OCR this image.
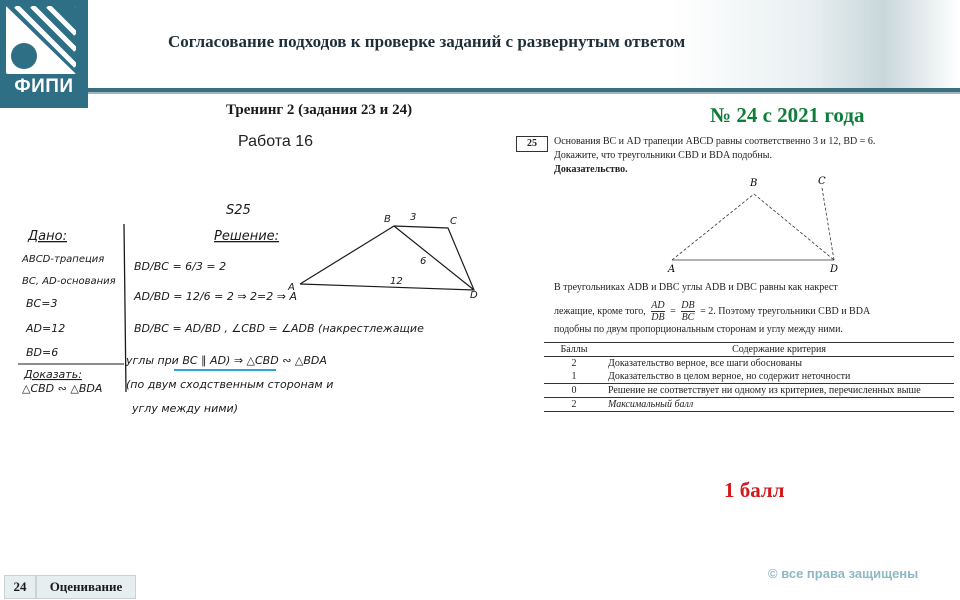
ФИПИ
Согласование подходов к проверке заданий с развернутым ответом
Тренинг 2 (задания 23 и 24)
Работа 16
S25
Решение:
Дано:
ABCD-трапеция
BC, AD-основания
BC=3
AD=12
BD=6
Доказать:
△CBD ∾ △BDA
BD/BC = 6/3 = 2
AD/BD = 12/6 = 2 ⇒ 2=2 ⇒ A
BD/BC = AD/BD , ∠CBD = ∠ADB (накрестлежащие
углы при BC ∥ AD) ⇒ △CBD ∾ △BDA
(по двум сходственным сторонам и
углу между ними)
B	C
A
D
3
6
12
№ 24 с 2021 года
25	Основания BC и AD трапеции ABCD равны соответственно 3 и 12, BD = 6.
Докажите, что треугольники CBD и BDA подобны.
Доказательство.
B	C
A	D
В треугольниках ADB и DBC углы ADB и DBC равны как накрест
лежащие, кроме того, $\frac{AD}{DB} = \frac{DB}{BC} = 2$. Поэтому треугольники CBD и BDA
подобны по двум пропорциональным сторонам и углу между ними.
Баллы	Содержание критерия
2	Доказательство верное, все шаги обоснованы
1	Доказательство в целом верное, но содержит неточности
0	Решение не соответствует ни одному из критериев, перечисленных выше
2	Максимальный балл
1 балл
© все права защищены
24	Оценивание
